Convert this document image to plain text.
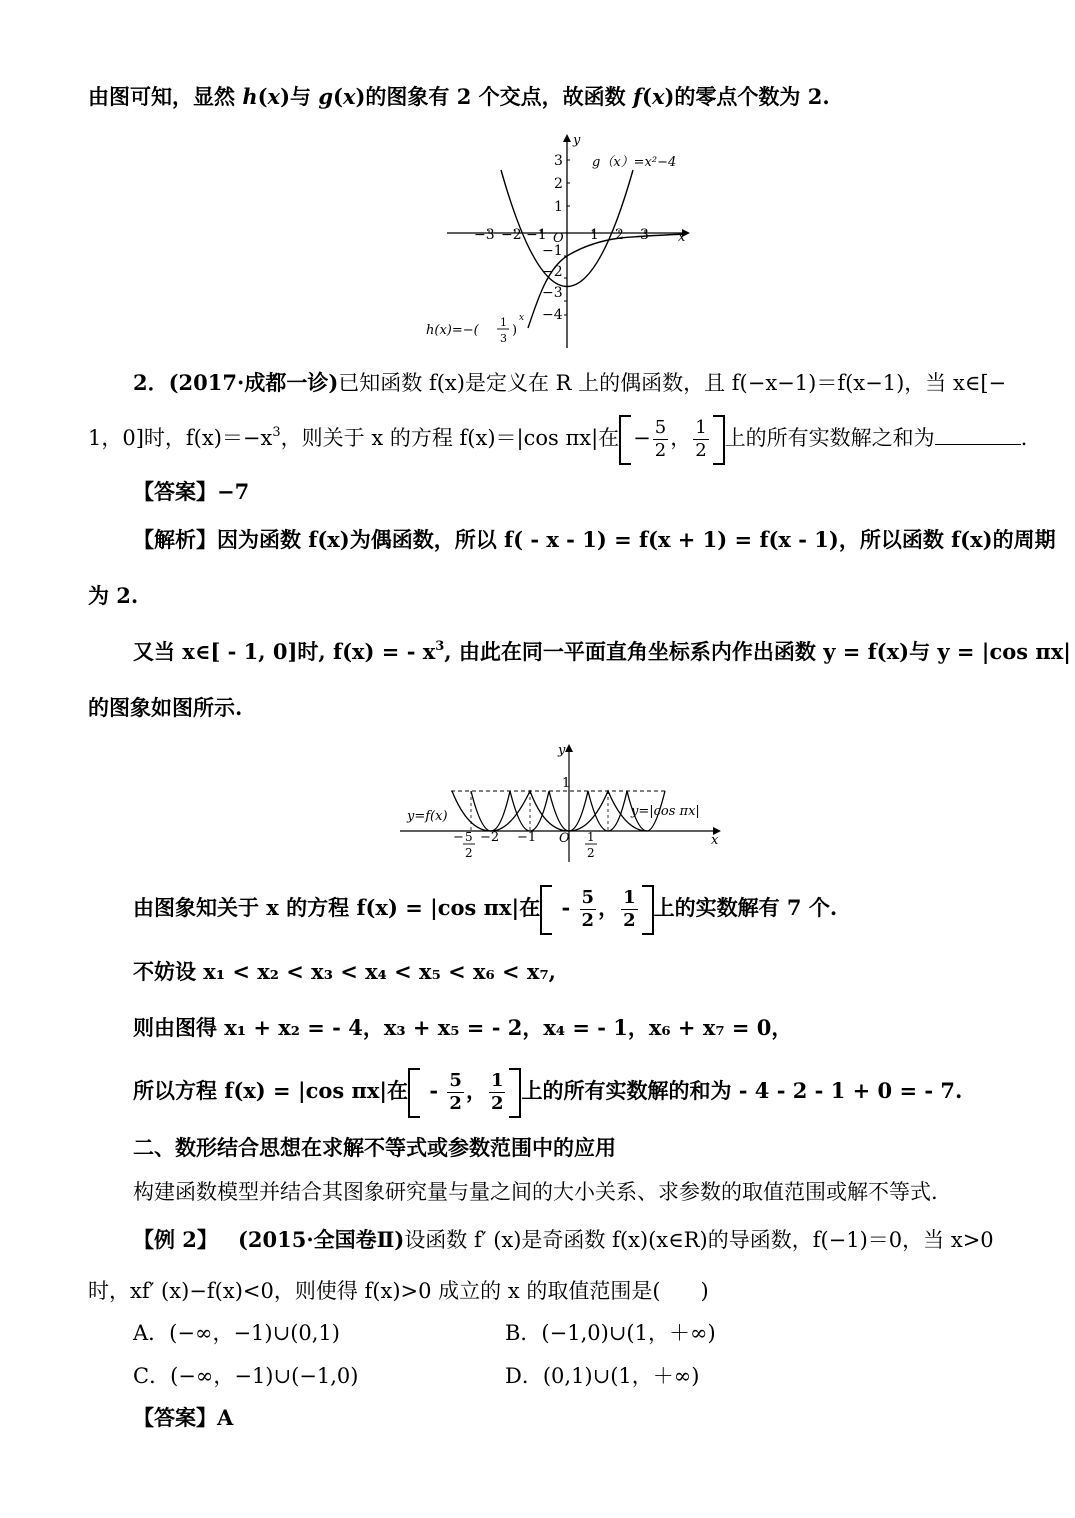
由图可知，显然 h(x)与 g(x)的图象有 2 个交点，故函数 f(x)的零点个数为 2.
y
x
−3 −2 −1	1 2 3
3
2
1
−1
−2
−3
−4
O
g（x）=x²−4
h(x)=−(
1
3
)
x
2．(2017·成都一诊)已知函数 f(x)是定义在 R 上的偶函数，且 f(−x−1)＝f(x−1)，当 x∈[−
1，0]时，$f(x)=-x^3$，则关于 x 的方程 f(x)＝|cos πx|在 − $\frac{5}{2}$ ， $\frac{1}{2}$ 上的所有实数解之和为	．
【答案】−7
【解析】因为函数 f(x)为偶函数，所以 f( - x - 1) = f(x + 1) = f(x - 1)，所以函数 f(x)的周期
为 2.
又当 x∈[ - 1, 0]时, f(x) = - $x^3$, 由此在同一平面直角坐标系内作出函数 y = f(x)与 y = |cos πx|
的图象如图所示.
y
x
O
1
− 5
2
−2 −1	1
2
y=f(x)	y=|cos πx|
由图象知关于 x 的方程 f(x) = |cos πx|在 - $\frac{5}{2}$ ， $\frac{1}{2}$ 上的实数解有 7 个.
不妨设 x₁ < x₂ < x₃ < x₄ < x₅ < x₆ < x₇,
则由图得 x₁ + x₂ = - 4，x₃ + x₅ = - 2，x₄ = - 1，x₆ + x₇ = 0，
所以方程 f(x) = |cos πx|在 - $\frac{5}{2}$ ， $\frac{1}{2}$ 上的所有实数解的和为 - 4 - 2 - 1 + 0 = - 7.
二、数形结合思想在求解不等式或参数范围中的应用
构建函数模型并结合其图象研究量与量之间的大小关系、求参数的取值范围或解不等式.
【例 2】 (2015·全国卷Ⅱ)设函数 f′ (x)是奇函数 f(x)(x∈R)的导函数，f(−1)＝0，当 x>0
时，xf′ (x)−f(x)<0，则使得 f(x)>0 成立的 x 的取值范围是( )
A．(−∞，−1)∪(0,1)	B．(−1,0)∪(1，＋∞)
C．(−∞，−1)∪(−1,0)	D．(0,1)∪(1，＋∞)
【答案】A
